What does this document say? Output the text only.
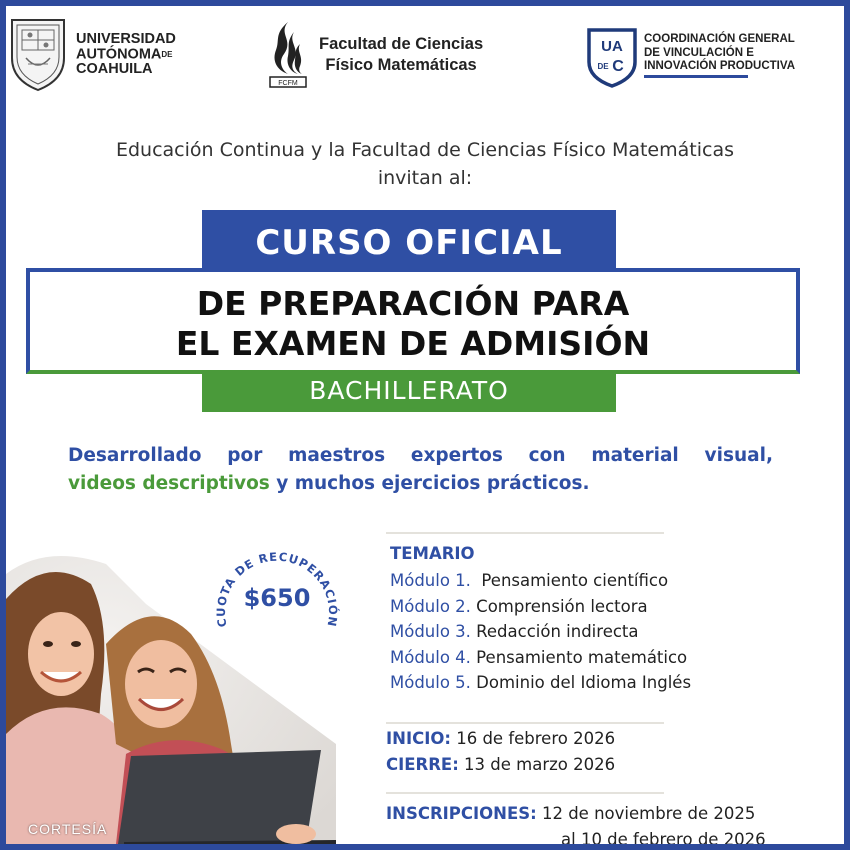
UNIVERSIDAD
AUTÓNOMADE
COAHUILA
FCFM
Facultad de Ciencias
Físico Matemáticas
UA
DE C
COORDINACIÓN GENERAL
DE VINCULACIÓN E
INNOVACIÓN PRODUCTIVA
Educación Continua y la Facultad de Ciencias Físico Matemáticas
invitan al:
CURSO OFICIAL
DE PREPARACIÓN PARA
EL EXAMEN DE ADMISIÓN
BACHILLERATO
Desarrollado por maestros expertos con material visual,
videos descriptivos y muchos ejercicios prácticos.
CORTESÍA
CUOTA DE RECUPERACIÓN
$650
TEMARIO
Módulo 1.  Pensamiento científico
Módulo 2. Comprensión lectora
Módulo 3. Redacción indirecta
Módulo 4. Pensamiento matemático
Módulo 5. Dominio del Idioma Inglés
INICIO: 16 de febrero 2026
CIERRE: 13 de marzo 2026
INSCRIPCIONES: 12 de noviembre de 2025
al 10 de febrero de 2026
